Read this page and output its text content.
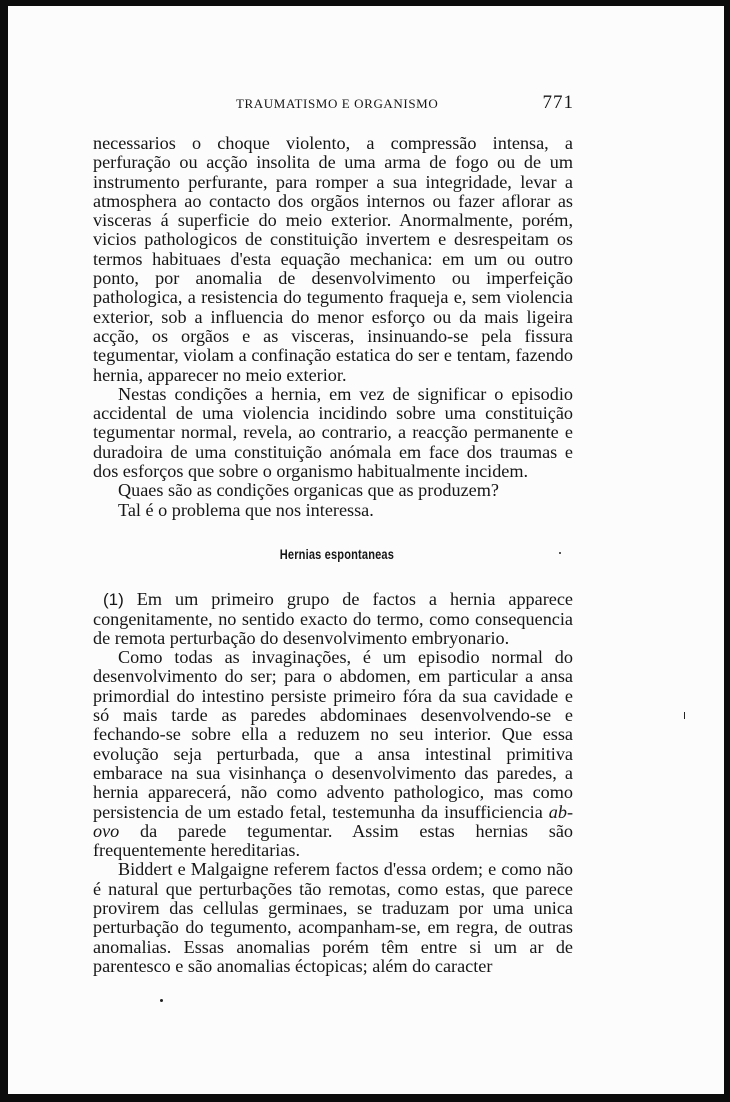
TRAUMATISMO E ORGANISMO	771

necessarios o choque violento, a compressão intensa, a perfuração ou acção insolita de uma arma de fogo ou de um instrumento perfurante, para romper a sua integridade, levar a atmosphera ao contacto dos orgãos internos ou fazer aflorar as visceras á superficie do meio exterior. Anormalmente, porém, vicios pathologicos de constituição invertem e desrespeitam os termos habituaes d'esta equação mechanica: em um ou outro ponto, por anomalia de desenvolvimento ou imperfeição pathologica, a resistencia do tegumento fraqueja e, sem violencia exterior, sob a influencia do menor esforço ou da mais ligeira acção, os orgãos e as visceras, insinuando-se pela fissura tegumentar, violam a confinação estatica do ser e tentam, fazendo hernia, apparecer no meio exterior.

Nestas condições a hernia, em vez de significar o episodio accidental de uma violencia incidindo sobre uma constituição tegumentar normal, revela, ao contrario, a reacção permanente e duradoira de uma constituição anómala em face dos traumas e dos esforços que sobre o organismo habitualmente incidem.

Quaes são as condições organicas que as produzem?

Tal é o problema que nos interessa.

Hernias espontaneas

(1) Em um primeiro grupo de factos a hernia apparece congenitamente, no sentido exacto do termo, como consequencia de remota perturbação do desenvolvimento embryonario.

Como todas as invaginações, é um episodio normal do desenvolvimento do ser; para o abdomen, em particular a ansa primordial do intestino persiste primeiro fóra da sua cavidade e só mais tarde as paredes abdominaes desenvolvendo-se e fechando-se sobre ella a reduzem no seu interior. Que essa evolução seja perturbada, que a ansa intestinal primitiva embarace na sua visinhança o desenvolvimento das paredes, a hernia apparecerá, não como advento pathologico, mas como persistencia de um estado fetal, testemunha da insufficiencia ab-ovo da parede tegumentar. Assim estas hernias são frequentemente hereditarias.

Biddert e Malgaigne referem factos d'essa ordem; e como não é natural que perturbações tão remotas, como estas, que parece provirem das cellulas germinaes, se traduzam por uma unica perturbação do tegumento, acompanham-se, em regra, de outras anomalias. Essas anomalias porém têm entre si um ar de parentesco e são anomalias éctopicas; além do caracter
